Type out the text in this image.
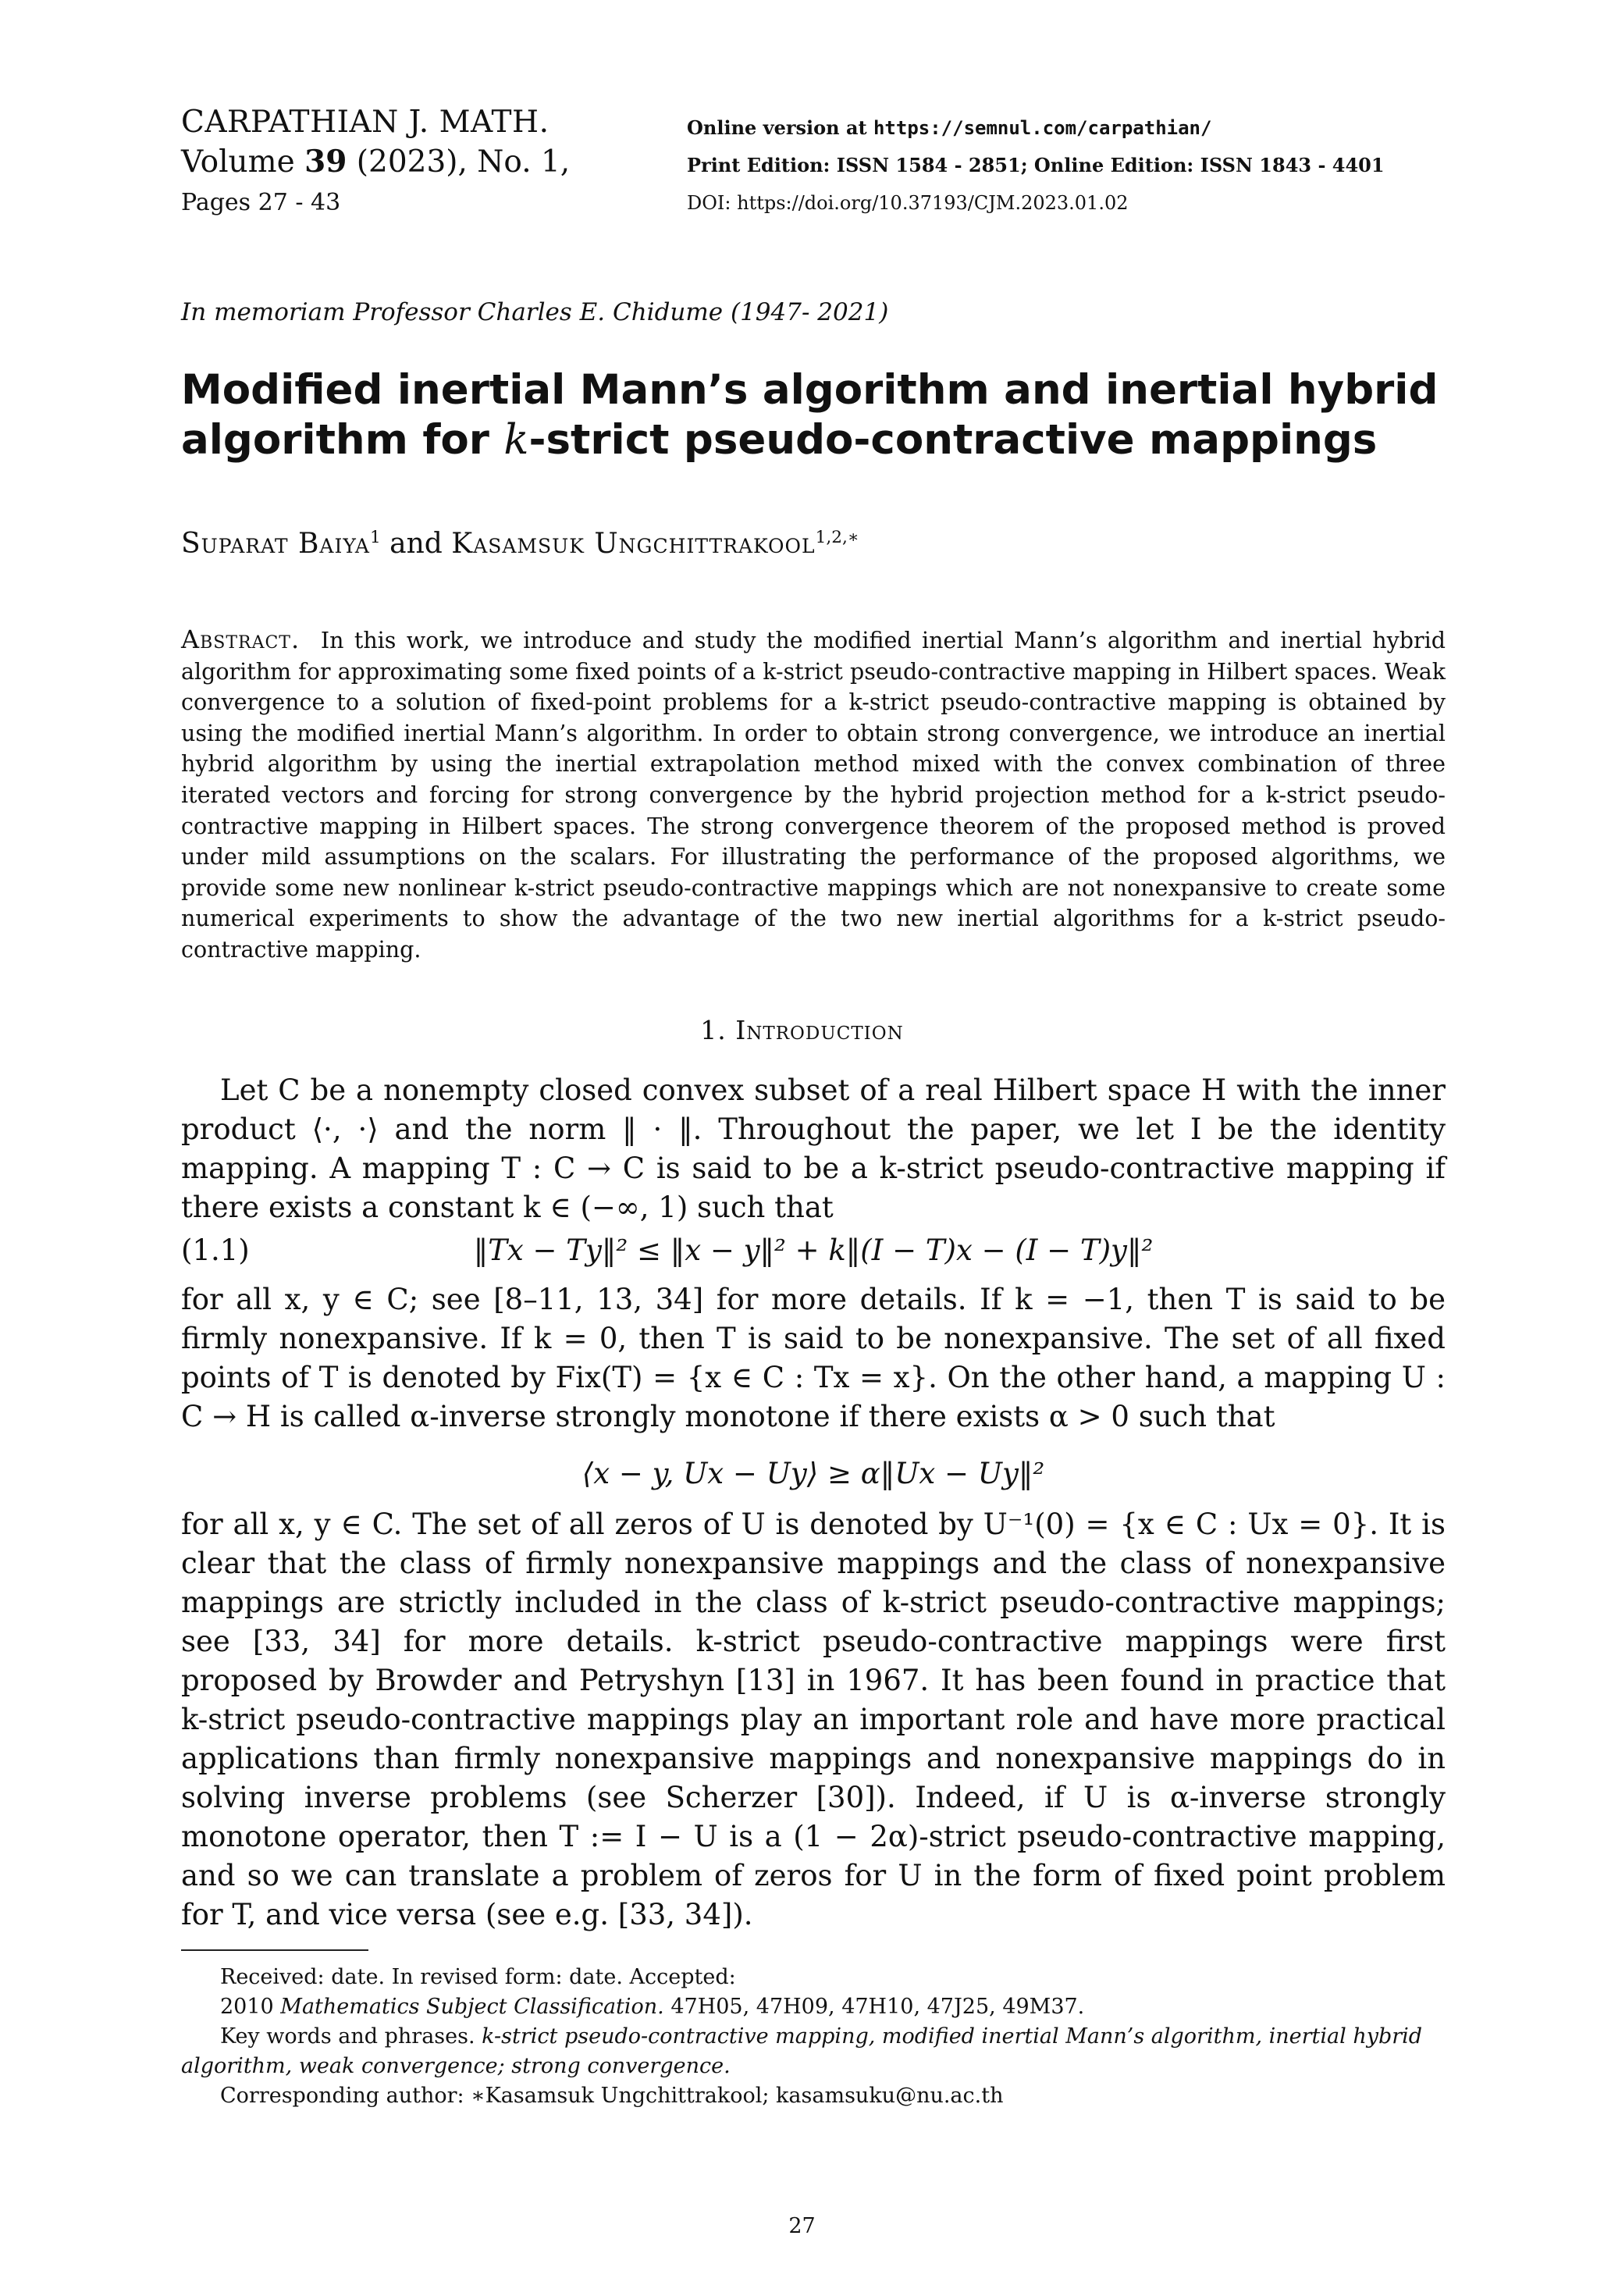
CARPATHIAN J. MATH.
Volume 39 (2023), No. 1,
Pages 27 - 43
Online version at https://semnul.com/carpathian/
Print Edition: ISSN 1584 - 2851; Online Edition: ISSN 1843 - 4401
DOI: https://doi.org/10.37193/CJM.2023.01.02
In memoriam Professor Charles E. Chidume (1947- 2021)
Modified inertial Mann’s algorithm and inertial hybrid
algorithm for k-strict pseudo-contractive mappings
Suparat Baiya$^1$ and Kasamsuk Ungchittrakool$^{1,2,∗}$
Abstract. In this work, we introduce and study the modified inertial Mann’s algorithm and inertial hybrid algorithm for approximating some fixed points of a k-strict pseudo-contractive mapping in Hilbert spaces. Weak convergence to a solution of fixed-point problems for a k-strict pseudo-contractive mapping is obtained by using the modified inertial Mann’s algorithm. In order to obtain strong convergence, we introduce an inertial hybrid algorithm by using the inertial extrapolation method mixed with the convex combination of three iterated vectors and forcing for strong convergence by the hybrid projection method for a k-strict pseudo-contractive mapping in Hilbert spaces. The strong convergence theorem of the proposed method is proved under mild assumptions on the scalars. For illustrating the performance of the proposed algorithms, we provide some new nonlinear k-strict pseudo-contractive mappings which are not nonexpansive to create some numerical experiments to show the advantage of the two new inertial algorithms for a k-strict pseudo-contractive mapping.
1. Introduction
Let C be a nonempty closed convex subset of a real Hilbert space H with the inner product ⟨·, ·⟩ and the norm ‖ · ‖. Throughout the paper, we let I be the identity mapping. A mapping T : C → C is said to be a k-strict pseudo-contractive mapping if there exists a constant k ∈ (−∞, 1) such that
(1.1)	‖Tx − Ty‖² ≤ ‖x − y‖² + k‖(I − T)x − (I − T)y‖²
for all x, y ∈ C; see [8–11, 13, 34] for more details. If k = −1, then T is said to be firmly nonexpansive. If k = 0, then T is said to be nonexpansive. The set of all fixed points of T is denoted by Fix(T) = {x ∈ C : Tx = x}. On the other hand, a mapping U : C → H is called α-inverse strongly monotone if there exists α > 0 such that
⟨x − y, Ux − Uy⟩ ≥ α‖Ux − Uy‖²
for all x, y ∈ C. The set of all zeros of U is denoted by U⁻¹(0) = {x ∈ C : Ux = 0}. It is clear that the class of firmly nonexpansive mappings and the class of nonexpansive mappings are strictly included in the class of k-strict pseudo-contractive mappings; see [33, 34] for more details. k-strict pseudo-contractive mappings were first proposed by Browder and Petryshyn [13] in 1967. It has been found in practice that k-strict pseudo-contractive mappings play an important role and have more practical applications than firmly nonexpansive mappings and nonexpansive mappings do in solving inverse problems (see Scherzer [30]). Indeed, if U is α-inverse strongly monotone operator, then T := I − U is a (1 − 2α)-strict pseudo-contractive mapping, and so we can translate a problem of zeros for U in the form of fixed point problem for T, and vice versa (see e.g. [33, 34]).

Received: date. In revised form: date. Accepted:

2010 Mathematics Subject Classification. 47H05, 47H09, 47H10, 47J25, 49M37.

Key words and phrases. k-strict pseudo-contractive mapping, modified inertial Mann’s algorithm, inertial hybrid algorithm, weak convergence; strong convergence.

Corresponding author: ∗Kasamsuk Ungchittrakool; kasamsuku@nu.ac.th

27
